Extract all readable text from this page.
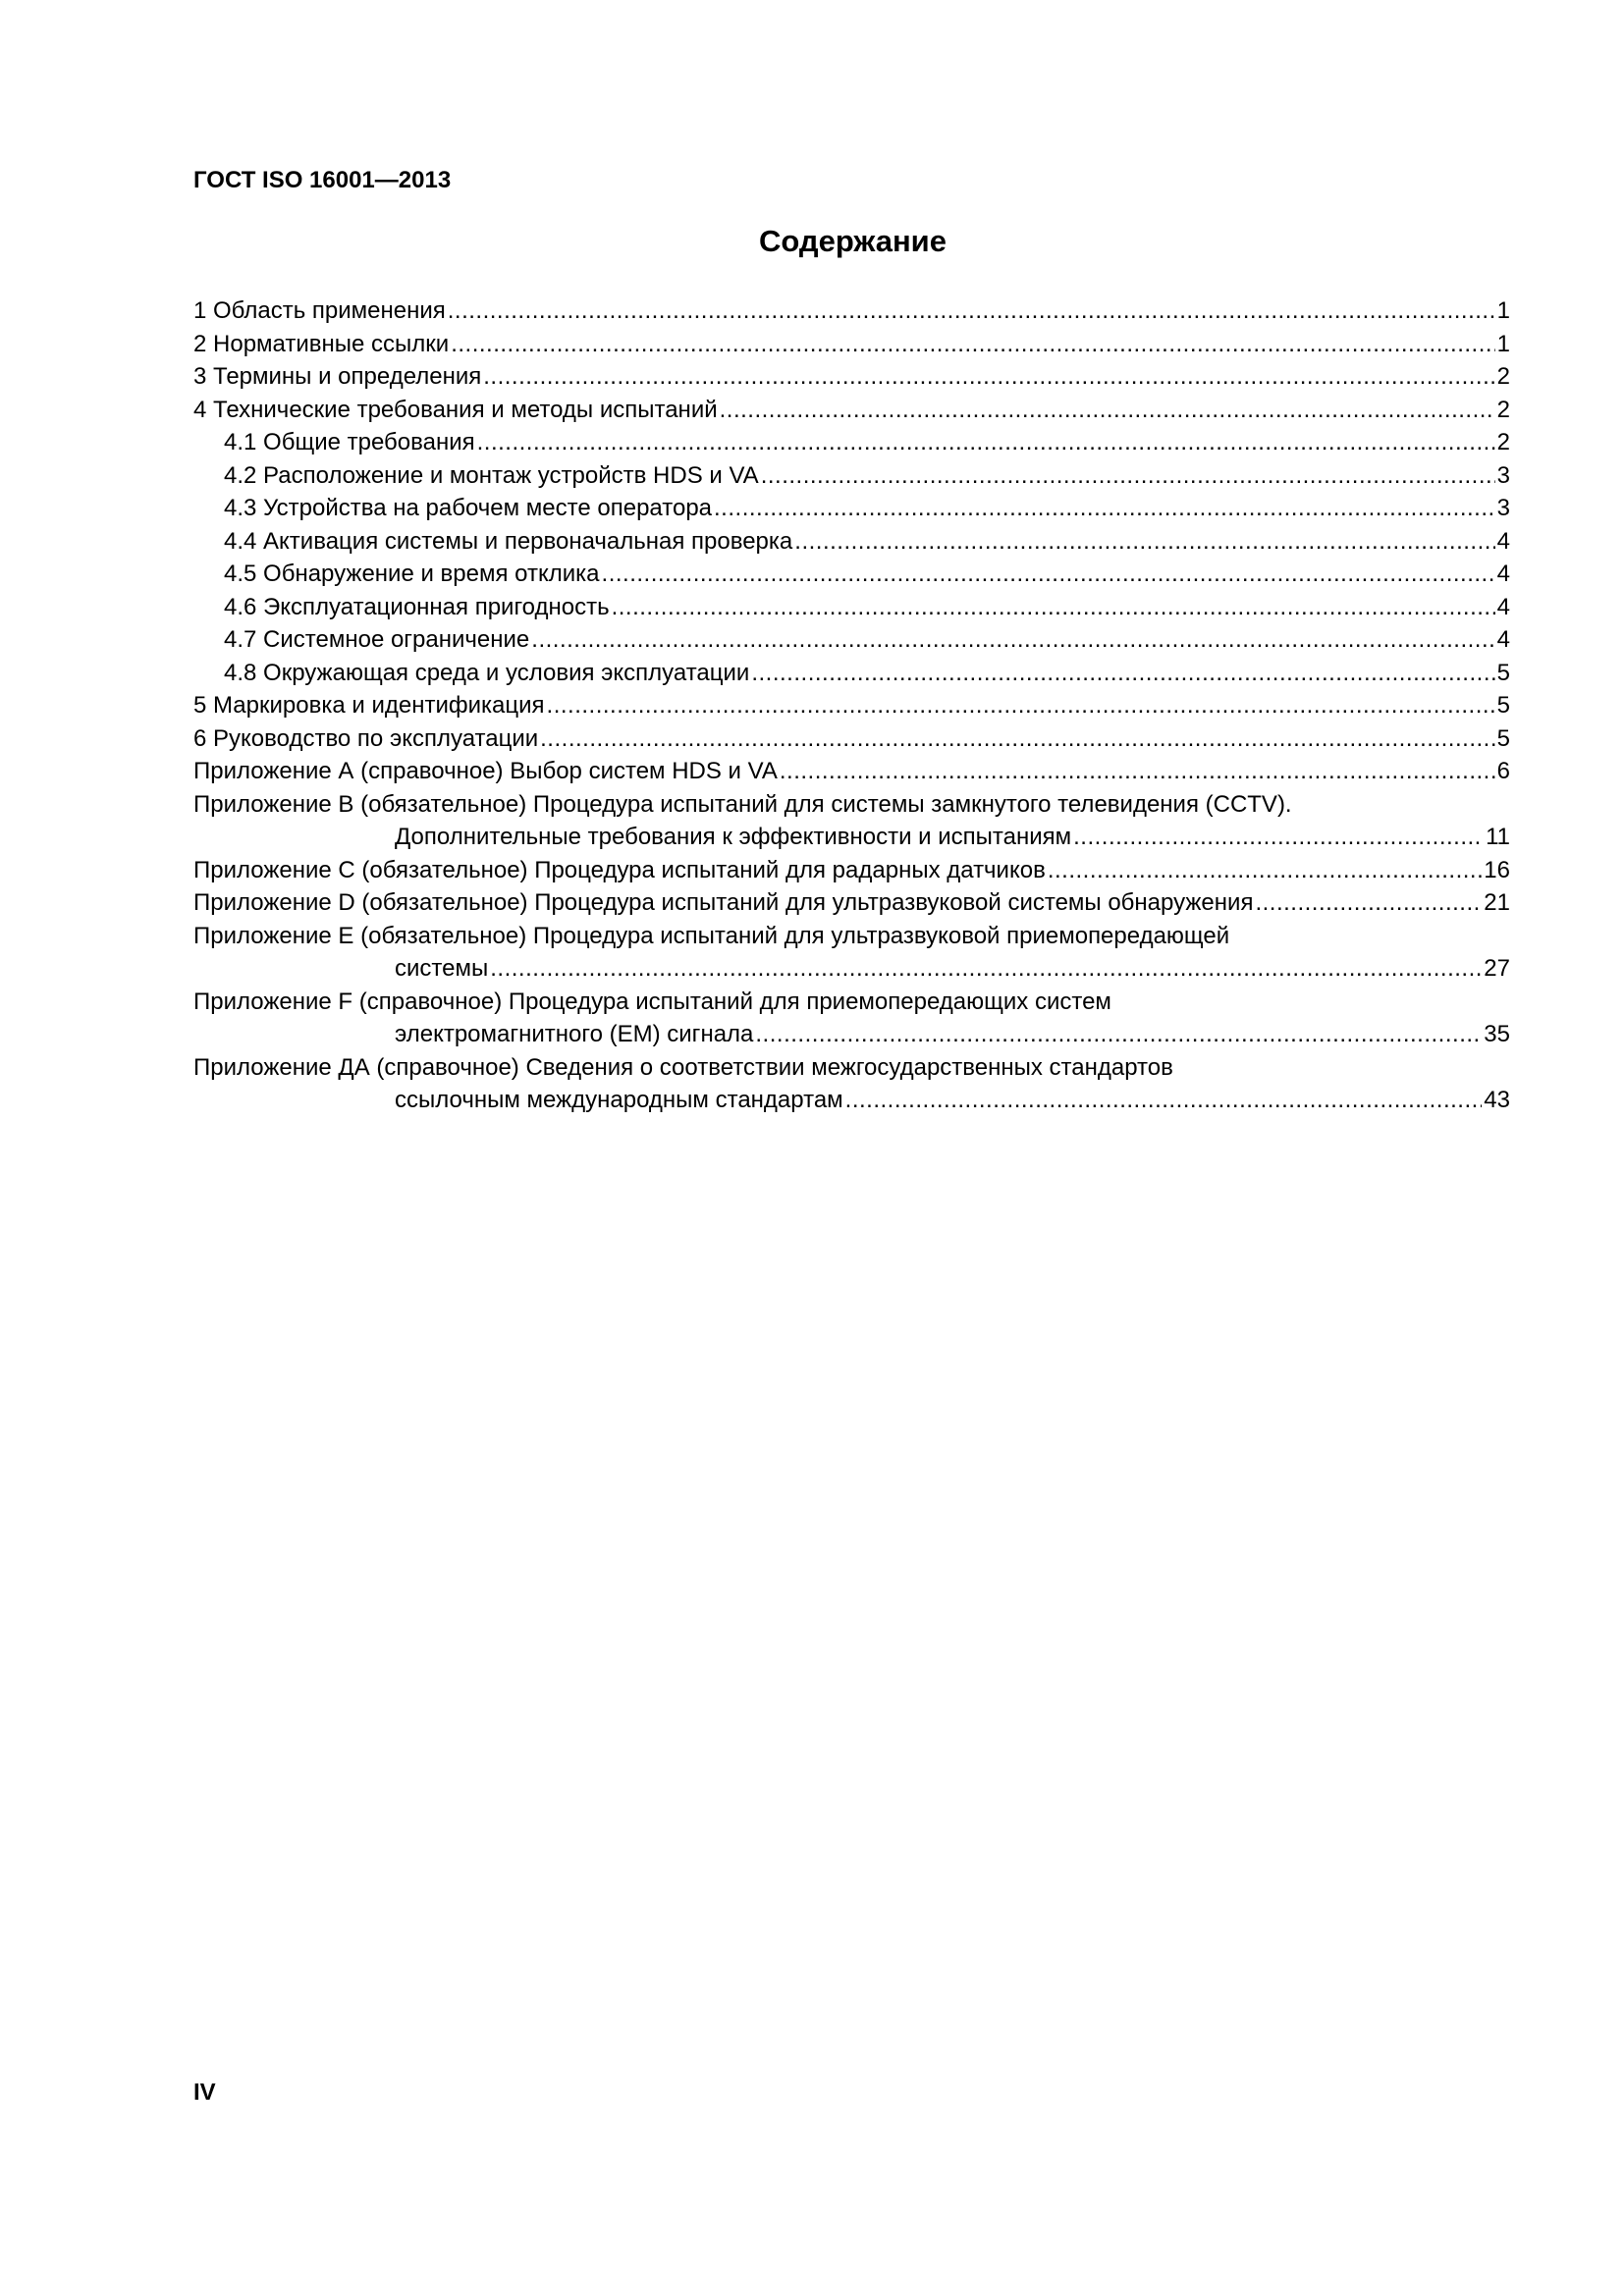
ГОСТ ISO 16001—2013
Содержание
1 Область применения .....	1
2 Нормативные ссылки .....	1
3 Термины и определения .....	2
4 Технические требования и методы испытаний .....	2
4.1 Общие требования .....	2
4.2 Расположение и монтаж устройств HDS и VA .....	3
4.3 Устройства на рабочем месте оператора .....	3
4.4 Активация системы и первоначальная проверка .....	4
4.5 Обнаружение и время отклика .....	4
4.6 Эксплуатационная пригодность .....	4
4.7 Системное ограничение .....	4
4.8 Окружающая среда и условия эксплуатации .....	5
5 Маркировка и идентификация .....	5
6 Руководство по эксплуатации .....	5
Приложение А (справочное) Выбор систем HDS и VA .....	6
Приложение В (обязательное) Процедура испытаний для системы замкнутого телевидения (CCTV).
Дополнительные требования к эффективности и испытаниям .....	11
Приложение С (обязательное) Процедура испытаний для радарных датчиков .....	16
Приложение D (обязательное) Процедура испытаний для ультразвуковой системы обнаружения .....	21
Приложение Е (обязательное) Процедура испытаний для ультразвуковой приемопередающей
системы .....	27
Приложение F (справочное) Процедура испытаний для приемопередающих систем
электромагнитного (ЕМ) сигнала .....	35
Приложение ДА (справочное) Сведения о соответствии межгосударственных стандартов
ссылочным международным стандартам .....	43
IV
